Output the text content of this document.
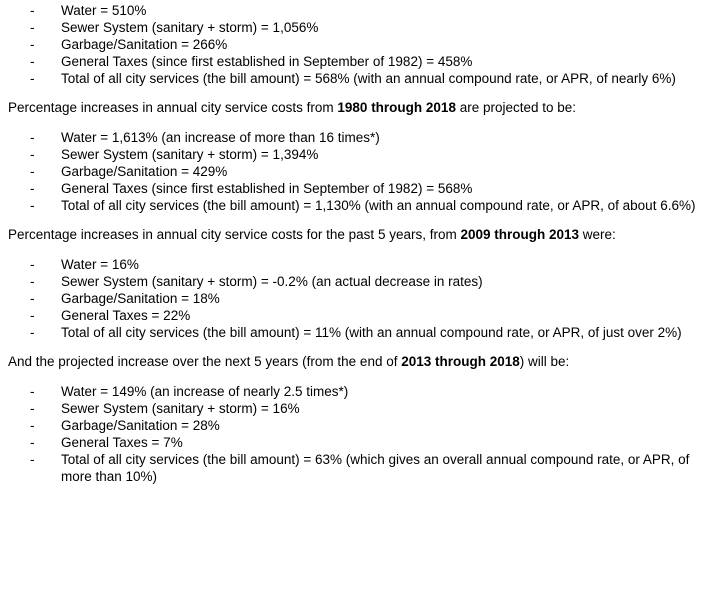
- Water = 510%
- Sewer System (sanitary + storm) = 1,056%
- Garbage/Sanitation = 266%
- General Taxes (since first established in September of 1982) = 458%
- Total of all city services (the bill amount) = 568% (with an annual compound rate, or APR, of nearly 6%)

Percentage increases in annual city service costs from 1980 through 2018 are projected to be:

- Water = 1,613% (an increase of more than 16 times*)
- Sewer System (sanitary + storm) = 1,394%
- Garbage/Sanitation = 429%
- General Taxes (since first established in September of 1982) = 568%
- Total of all city services (the bill amount) = 1,130% (with an annual compound rate, or APR, of about 6.6%)

Percentage increases in annual city service costs for the past 5 years, from 2009 through 2013 were:

- Water = 16%
- Sewer System (sanitary + storm) = -0.2% (an actual decrease in rates)
- Garbage/Sanitation = 18%
- General Taxes = 22%
- Total of all city services (the bill amount) = 11% (with an annual compound rate, or APR, of just over 2%)

And the projected increase over the next 5 years (from the end of 2013 through 2018) will be:

- Water = 149% (an increase of nearly 2.5 times*)
- Sewer System (sanitary + storm) = 16%
- Garbage/Sanitation = 28%
- General Taxes = 7%
- Total of all city services (the bill amount) = 63% (which gives an overall annual compound rate, or APR, of more than 10%)
